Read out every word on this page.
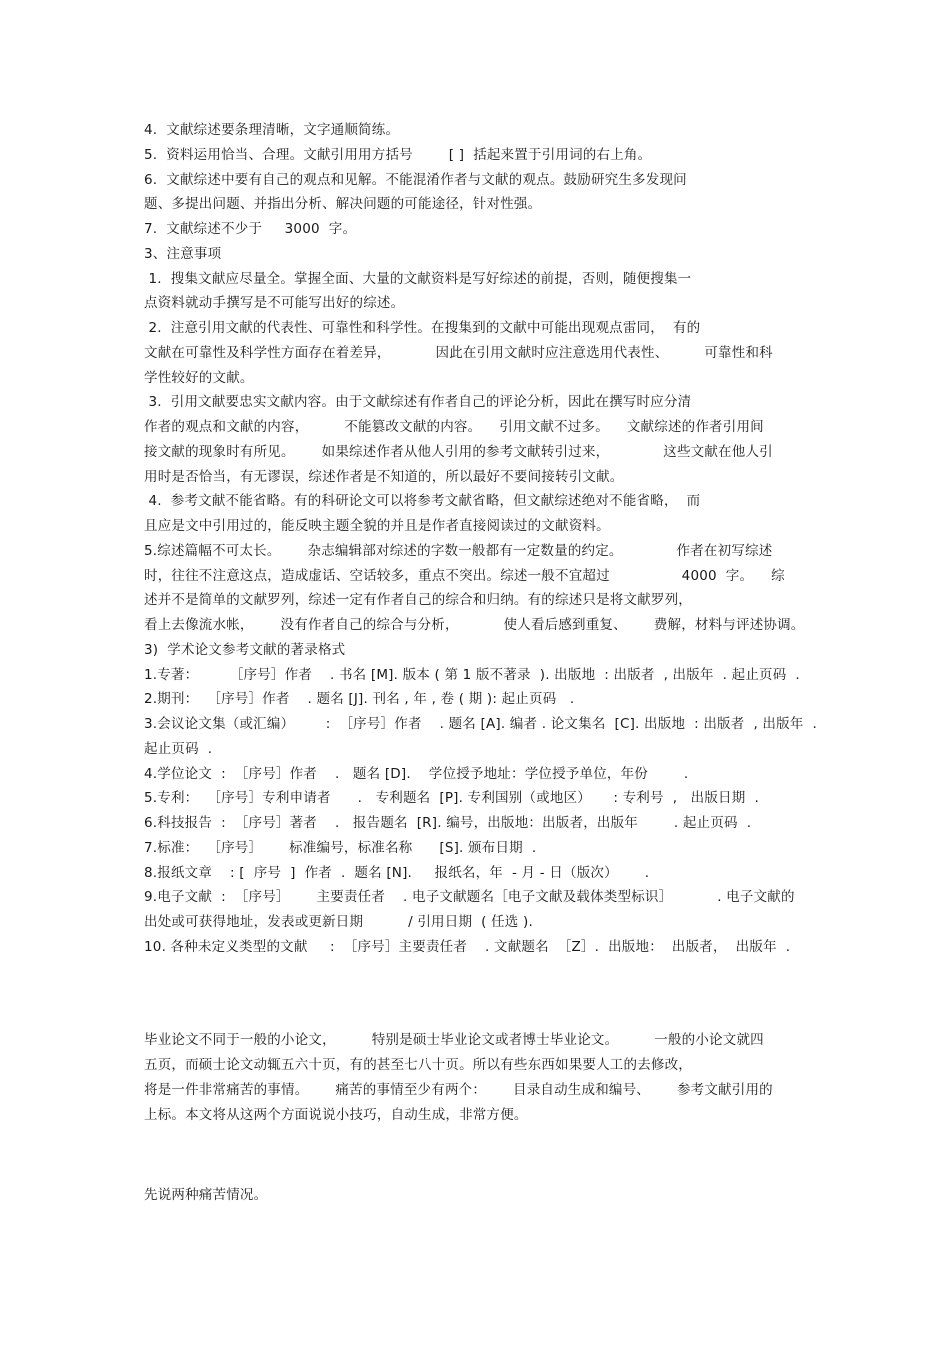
4.  文献综述要条理清晰，文字通顺简练。
5.  资料运用恰当、合理。文献引用用方括号        [ ]  括起来置于引用词的右上角。
6.  文献综述中要有自己的观点和见解。不能混淆作者与文献的观点。鼓励研究生多发现问
题、多提出问题、并指出分析、解决问题的可能途径，针对性强。
7.  文献综述不少于     3000  字。
3、注意事项
1.  搜集文献应尽量全。掌握全面、大量的文献资料是写好综述的前提，否则，随便搜集一
点资料就动手撰写是不可能写出好的综述。
2.  注意引用文献的代表性、可靠性和科学性。在搜集到的文献中可能出现观点雷同，  有的
文献在可靠性及科学性方面存在着差异，          因此在引用文献时应注意选用代表性、        可靠性和科
学性较好的文献。
3.  引用文献要忠实文献内容。由于文献综述有作者自己的评论分析，因此在撰写时应分清
作者的观点和文献的内容，        不能篡改文献的内容。    引用文献不过多。    文献综述的作者引用间
接文献的现象时有所见。      如果综述作者从他人引用的参考文献转引过来，            这些文献在他人引
用时是否恰当，有无谬误，综述作者是不知道的，所以最好不要间接转引文献。
4.  参考文献不能省略。有的科研论文可以将参考文献省略，但文献综述绝对不能省略，  而
且应是文中引用过的，能反映主题全貌的并且是作者直接阅读过的文献资料。
5.综述篇幅不可太长。      杂志编辑部对综述的字数一般都有一定数量的约定。            作者在初写综述
时，往往不注意这点，造成虚话、空话较多，重点不突出。综述一般不宜超过                4000  字。    综
述并不是简单的文献罗列，综述一定有作者自己的综合和归纳。有的综述只是将文献罗列，
看上去像流水帐，      没有作者自己的综合与分析，          使人看后感到重复、      费解，材料与评述协调。
3)  学术论文参考文献的著录格式
1.专著：       ［序号］作者    . 书名 [M]. 版本 ( 第 1 版不著录  ). 出版地  : 出版者  , 出版年  . 起止页码  .
2.期刊：  ［序号］作者    . 题名 [J]. 刊名 , 年 , 卷 ( 期 ): 起止页码   .
3.会议论文集（或汇编）       :  ［序号］作者    . 题名 [A]. 编者 . 论文集名  [C]. 出版地  : 出版者  , 出版年  .
起止页码  .
4.学位论文  :  ［序号］作者    .   题名 [D].    学位授予地址：学位授予单位，年份        .
5.专利：  ［序号］专利申请者      .   专利题名  [P]. 专利国别（或地区）     : 专利号  ,   出版日期  .
6.科技报告  :  ［序号］著者    .   报告题名  [R]. 编号，出版地：出版者，出版年        . 起止页码  .
7.标准：  ［序号］      标准编号，标准名称      [S]. 颁布日期  .
8.报纸文章    : [  序号  ]  作者  .  题名 [N].     报纸名，年  - 月 - 日（版次）      .
9.电子文献  :  ［序号］      主要责任者    . 电子文献题名［电子文献及载体类型标识］          . 电子文献的
出处或可获得地址，发表或更新日期          / 引用日期  ( 任选 ).
10. 各种未定义类型的文献     :  ［序号］主要责任者    . 文献题名  ［Z］.  出版地：  出版者，  出版年  .
毕业论文不同于一般的小论文，        特别是硕士毕业论文或者博士毕业论文。        一般的小论文就四
五页，而硕士论文动辄五六十页，有的甚至七八十页。所以有些东西如果要人工的去修改，
将是一件非常痛苦的事情。      痛苦的事情至少有两个：      目录自动生成和编号、      参考文献引用的
上标。本文将从这两个方面说说小技巧，自动生成，非常方便。
先说两种痛苦情况。
